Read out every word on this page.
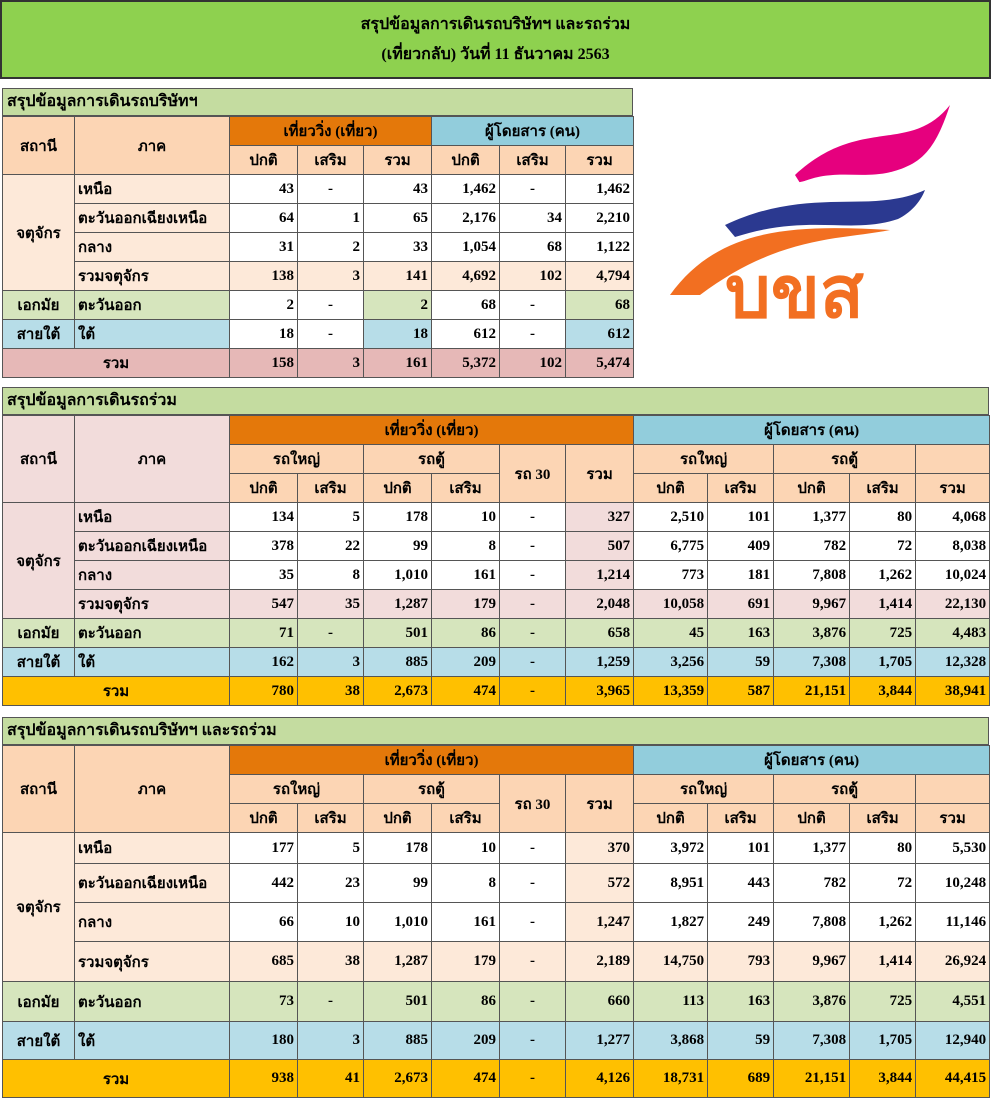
สรุปข้อมูลการเดินรถบริษัทฯ และรถร่วม
(เที่ยวกลับ) วันที่ 11 ธันวาคม 2563
บขส
สรุปข้อมูลการเดินรถบริษัทฯ
สถานี	ภาค	เที่ยววิ่ง (เที่ยว)			ผู้โดยสาร (คน)		
		ปกติ	เสริม	รวม	ปกติ	เสริม	รวม
จตุจักร	เหนือ	43	-	43	1,462	-	1,462
	ตะวันออกเฉียงเหนือ	64	1	65	2,176	34	2,210
	กลาง	31	2	33	1,054	68	1,122
	รวมจตุจักร	138	3	141	4,692	102	4,794
เอกมัย	ตะวันออก	2	-	2	68	-	68
สายใต้	ใต้	18	-	18	612	-	612
รวม		158	3	161	5,372	102	5,474
สรุปข้อมูลการเดินรถร่วม
สถานี	ภาค	เที่ยววิ่ง (เที่ยว)						ผู้โดยสาร (คน)				
		รถใหญ่		รถตู้		รถ 30	รวม	รถใหญ่		รถตู้		
		ปกติ	เสริม	ปกติ	เสริม			ปกติ	เสริม	ปกติ	เสริม	รวม
จตุจักร	เหนือ	134	5	178	10	-	327	2,510	101	1,377	80	4,068
	ตะวันออกเฉียงเหนือ	378	22	99	8	-	507	6,775	409	782	72	8,038
	กลาง	35	8	1,010	161	-	1,214	773	181	7,808	1,262	10,024
	รวมจตุจักร	547	35	1,287	179	-	2,048	10,058	691	9,967	1,414	22,130
เอกมัย	ตะวันออก	71	-	501	86	-	658	45	163	3,876	725	4,483
สายใต้	ใต้	162	3	885	209	-	1,259	3,256	59	7,308	1,705	12,328
รวม		780	38	2,673	474	-	3,965	13,359	587	21,151	3,844	38,941
สรุปข้อมูลการเดินรถบริษัทฯ และรถร่วม
สถานี	ภาค	เที่ยววิ่ง (เที่ยว)						ผู้โดยสาร (คน)				
		รถใหญ่		รถตู้		รถ 30	รวม	รถใหญ่		รถตู้		
		ปกติ	เสริม	ปกติ	เสริม			ปกติ	เสริม	ปกติ	เสริม	รวม
จตุจักร	เหนือ	177	5	178	10	-	370	3,972	101	1,377	80	5,530
	ตะวันออกเฉียงเหนือ	442	23	99	8	-	572	8,951	443	782	72	10,248
	กลาง	66	10	1,010	161	-	1,247	1,827	249	7,808	1,262	11,146
	รวมจตุจักร	685	38	1,287	179	-	2,189	14,750	793	9,967	1,414	26,924
เอกมัย	ตะวันออก	73	-	501	86	-	660	113	163	3,876	725	4,551
สายใต้	ใต้	180	3	885	209	-	1,277	3,868	59	7,308	1,705	12,940
รวม		938	41	2,673	474	-	4,126	18,731	689	21,151	3,844	44,415
